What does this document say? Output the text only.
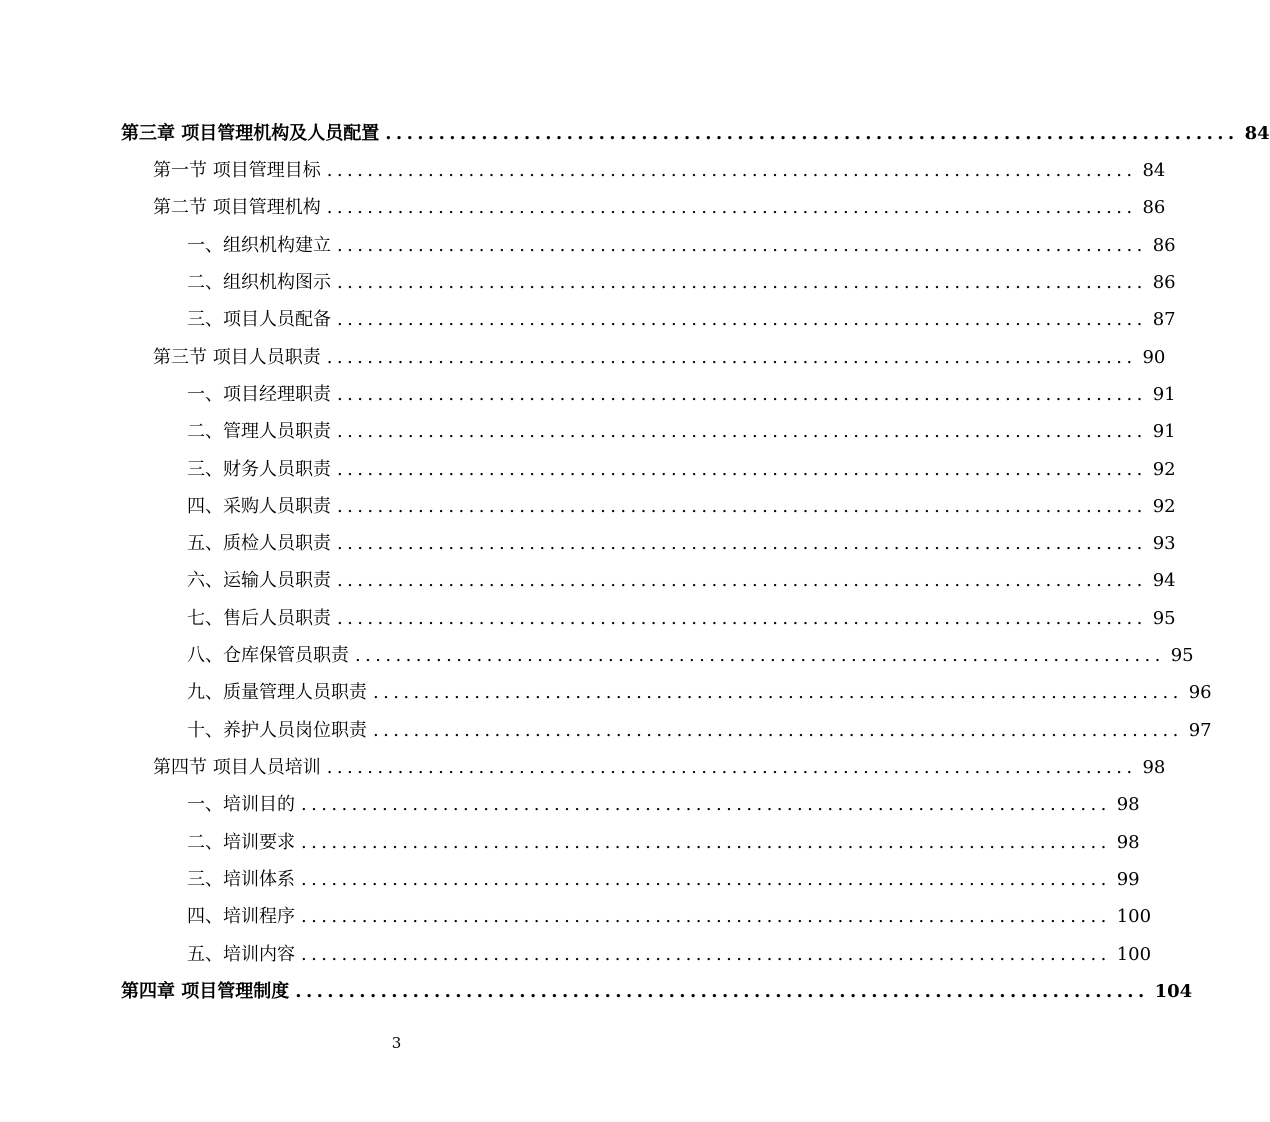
第三章 项目管理机构及人员配置 ................................................................................ 84
第一节 项目管理目标 ................................................................................ 84
第二节 项目管理机构 ................................................................................ 86
一、组织机构建立 ................................................................................ 86
二、组织机构图示 ................................................................................ 86
三、项目人员配备 ................................................................................ 87
第三节 项目人员职责 ................................................................................ 90
一、项目经理职责 ................................................................................ 91
二、管理人员职责 ................................................................................ 91
三、财务人员职责 ................................................................................ 92
四、采购人员职责 ................................................................................ 92
五、质检人员职责 ................................................................................ 93
六、运输人员职责 ................................................................................ 94
七、售后人员职责 ................................................................................ 95
八、仓库保管员职责 ................................................................................ 95
九、质量管理人员职责 ................................................................................ 96
十、养护人员岗位职责 ................................................................................ 97
第四节 项目人员培训 ................................................................................ 98
一、培训目的 ................................................................................ 98
二、培训要求 ................................................................................ 98
三、培训体系 ................................................................................ 99
四、培训程序 ................................................................................ 100
五、培训内容 ................................................................................ 100
第四章 项目管理制度 ................................................................................ 104
3
